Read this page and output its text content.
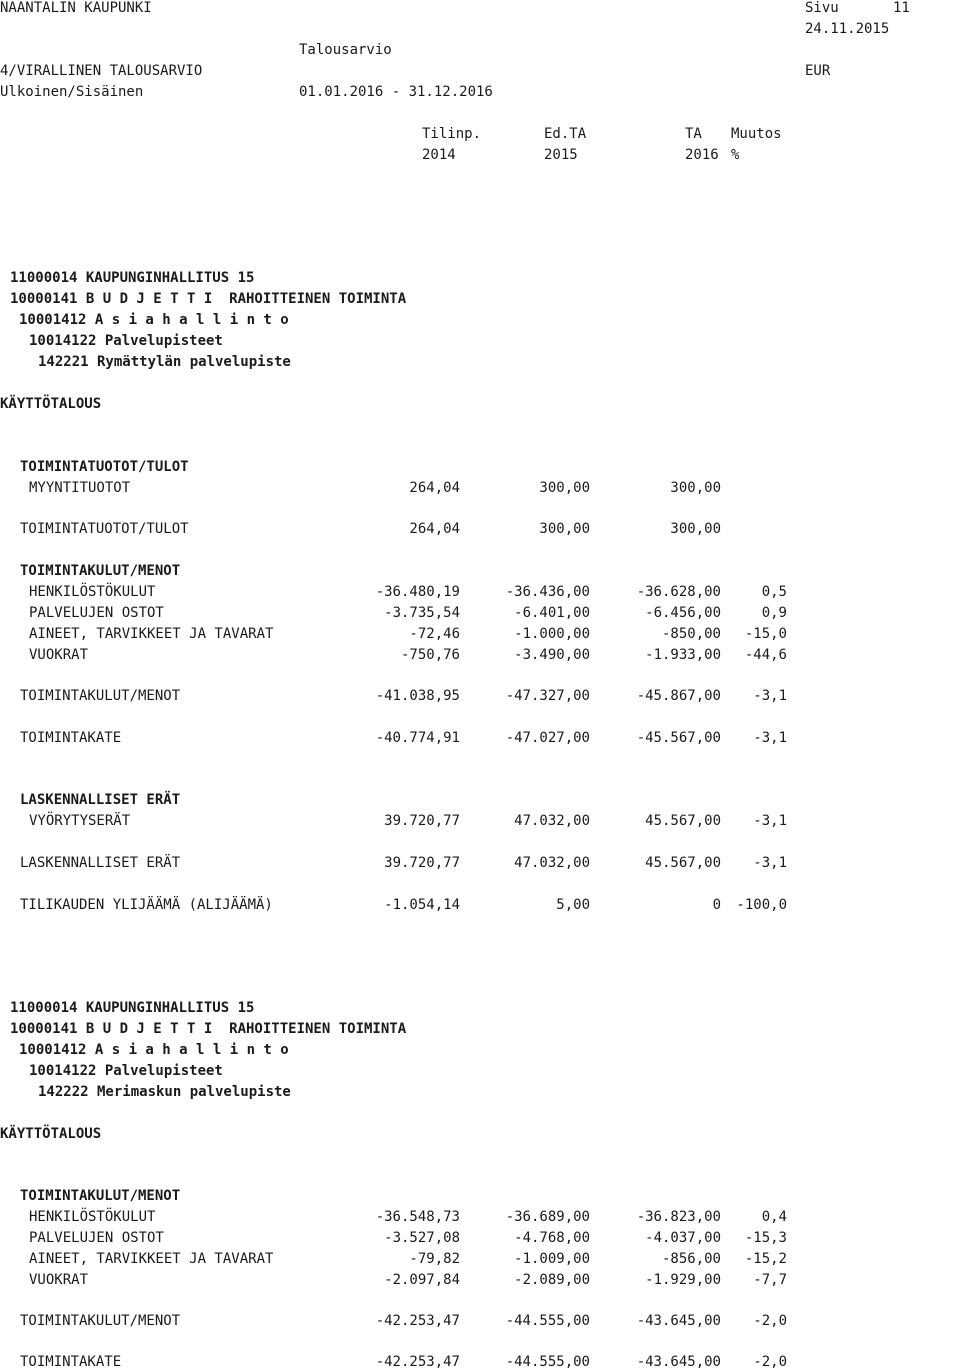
NAANTALIN KAUPUNKI	Sivu	11
24.11.2015
Talousarvio
4/VIRALLINEN TALOUSARVIO	EUR
Ulkoinen/Sisäinen	01.01.2016 - 31.12.2016
Tilinp.	Ed.TA	TA Muutos
2014	2015	2016 %
11000014 KAUPUNGINHALLITUS 15
10000141 B U D J E T T I  RAHOITTEINEN TOIMINTA
10001412 A s i a h a l l i n t o
10014122 Palvelupisteet
142221 Rymättylän palvelupiste
KÄYTTÖTALOUS
TOIMINTATUOTOT/TULOT
MYYNTITUOTOT	264,04	300,00	300,00
TOIMINTATUOTOT/TULOT	264,04	300,00	300,00
TOIMINTAKULUT/MENOT
HENKILÖSTÖKULUT	-36.480,19	-36.436,00	-36.628,00	0,5
PALVELUJEN OSTOT	-3.735,54	-6.401,00	-6.456,00	0,9
AINEET, TARVIKKEET JA TAVARAT	-72,46	-1.000,00	-850,00	-15,0
VUOKRAT	-750,76	-3.490,00	-1.933,00	-44,6
TOIMINTAKULUT/MENOT	-41.038,95	-47.327,00	-45.867,00	-3,1
TOIMINTAKATE	-40.774,91	-47.027,00	-45.567,00	-3,1
LASKENNALLISET ERÄT
VYÖRYTYSERÄT	39.720,77	47.032,00	45.567,00	-3,1
LASKENNALLISET ERÄT	39.720,77	47.032,00	45.567,00	-3,1
TILIKAUDEN YLIJÄÄMÄ (ALIJÄÄMÄ)	-1.054,14	5,00	0	-100,0
11000014 KAUPUNGINHALLITUS 15
10000141 B U D J E T T I  RAHOITTEINEN TOIMINTA
10001412 A s i a h a l l i n t o
10014122 Palvelupisteet
142222 Merimaskun palvelupiste
KÄYTTÖTALOUS
TOIMINTAKULUT/MENOT
HENKILÖSTÖKULUT	-36.548,73	-36.689,00	-36.823,00	0,4
PALVELUJEN OSTOT	-3.527,08	-4.768,00	-4.037,00	-15,3
AINEET, TARVIKKEET JA TAVARAT	-79,82	-1.009,00	-856,00	-15,2
VUOKRAT	-2.097,84	-2.089,00	-1.929,00	-7,7
TOIMINTAKULUT/MENOT	-42.253,47	-44.555,00	-43.645,00	-2,0
TOIMINTAKATE	-42.253,47	-44.555,00	-43.645,00	-2,0
